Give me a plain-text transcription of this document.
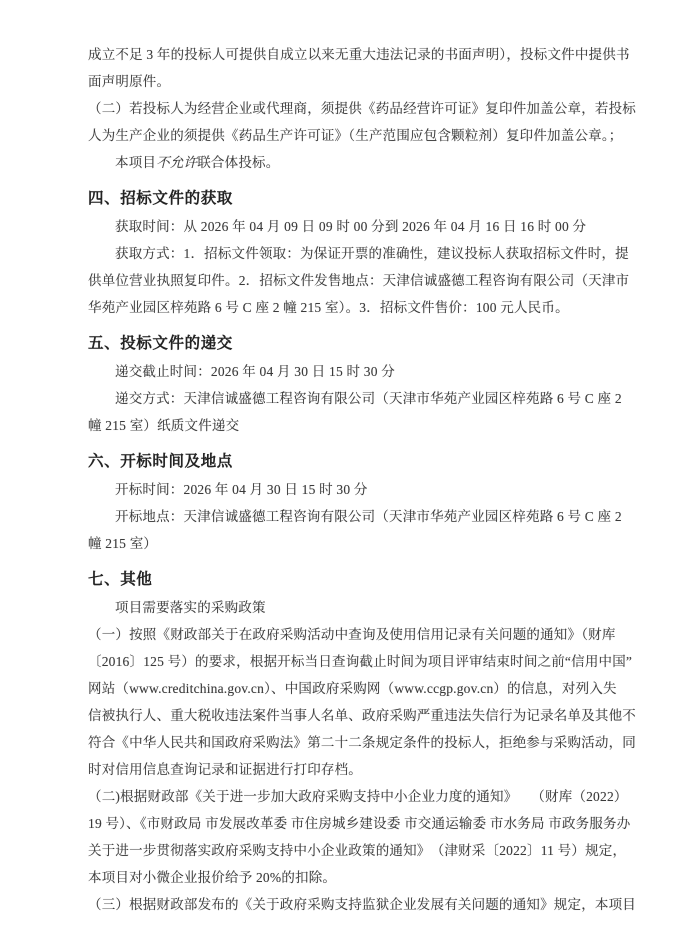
成立不足 3 年的投标人可提供自成立以来无重大违法记录的书面声明），投标文件中提供书
面声明原件。
（二）若投标人为经营企业或代理商，须提供《药品经营许可证》复印件加盖公章，若投标
人为生产企业的须提供《药品生产许可证》（生产范围应包含颗粒剂）复印件加盖公章。；
本项目不允许联合体投标。
四、招标文件的获取
获取时间：从 2026 年 04 月 09 日 09 时 00 分到 2026 年 04 月 16 日 16 时 00 分
获取方式：1．招标文件领取：为保证开票的准确性，建议投标人获取招标文件时，提
供单位营业执照复印件。2．招标文件发售地点：天津信诚盛德工程咨询有限公司（天津市
华苑产业园区梓苑路 6 号 C 座 2 幢 215 室）。3．招标文件售价：100 元人民币。
五、投标文件的递交
递交截止时间：2026 年 04 月 30 日 15 时 30 分
递交方式：天津信诚盛德工程咨询有限公司（天津市华苑产业园区梓苑路 6 号 C 座 2
幢 215 室）纸质文件递交
六、开标时间及地点
开标时间：2026 年 04 月 30 日 15 时 30 分
开标地点：天津信诚盛德工程咨询有限公司（天津市华苑产业园区梓苑路 6 号 C 座 2
幢 215 室）
七、其他
项目需要落实的采购政策
（一）按照《财政部关于在政府采购活动中查询及使用信用记录有关问题的通知》（财库
〔2016〕125 号）的要求，根据开标当日查询截止时间为项目评审结束时间之前“信用中国”
网站（www.creditchina.gov.cn）、中国政府采购网（www.ccgp.gov.cn）的信息，对列入失
信被执行人、重大税收违法案件当事人名单、政府采购严重违法失信行为记录名单及其他不
符合《中华人民共和国政府采购法》第二十二条规定条件的投标人，拒绝参与采购活动，同
时对信用信息查询记录和证据进行打印存档。
（二)根据财政部《关于进一步加大政府采购支持中小企业力度的通知》　　（财库（2022）
19 号）、《市财政局 市发展改革委 市住房城乡建设委 市交通运输委 市水务局 市政务服务办
关于进一步贯彻落实政府采购支持中小企业政策的通知》　（津财采〔2022〕11 号）规定，
本项目对小微企业报价给予 20%的扣除。
（三）根据财政部发布的《关于政府采购支持监狱企业发展有关问题的通知》规定，本项目
